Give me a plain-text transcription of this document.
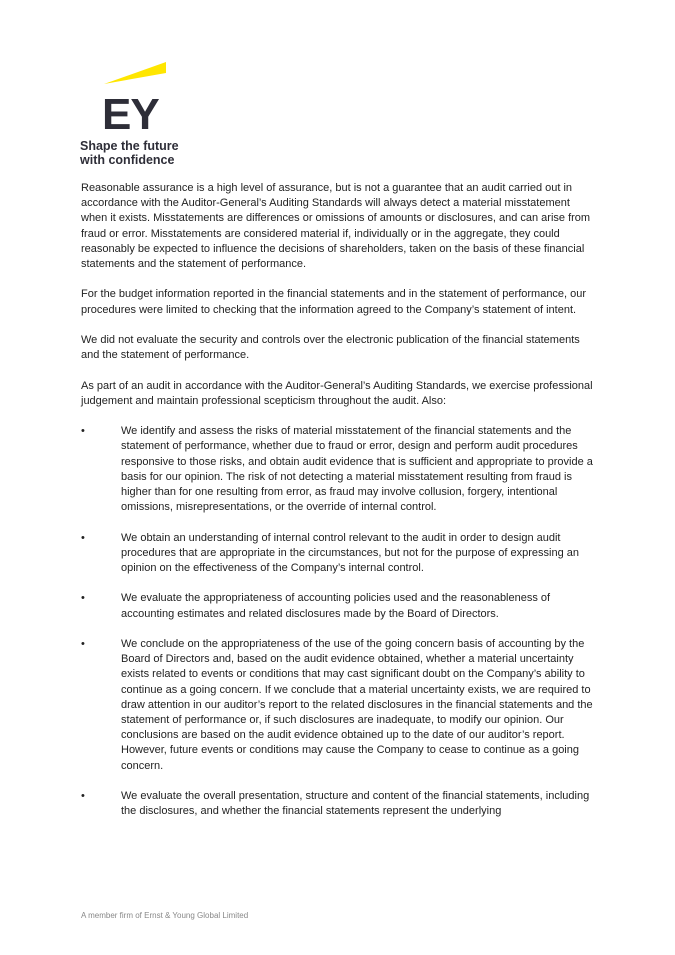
EY
Shape the future
with confidence

Reasonable assurance is a high level of assurance, but is not a guarantee that an audit carried out in accordance with the Auditor-General’s Auditing Standards will always detect a material misstatement when it exists. Misstatements are differences or omissions of amounts or disclosures, and can arise from fraud or error. Misstatements are considered material if, individually or in the aggregate, they could reasonably be expected to influence the decisions of shareholders, taken on the basis of these financial statements and the statement of performance.

For the budget information reported in the financial statements and in the statement of performance, our procedures were limited to checking that the information agreed to the Company’s statement of intent.

We did not evaluate the security and controls over the electronic publication of the financial statements and the statement of performance.

As part of an audit in accordance with the Auditor-General’s Auditing Standards, we exercise professional judgement and maintain professional scepticism throughout the audit. Also:

•	We identify and assess the risks of material misstatement of the financial statements and the statement of performance, whether due to fraud or error, design and perform audit procedures responsive to those risks, and obtain audit evidence that is sufficient and appropriate to provide a basis for our opinion. The risk of not detecting a material misstatement resulting from fraud is higher than for one resulting from error, as fraud may involve collusion, forgery, intentional omissions, misrepresentations, or the override of internal control.
•	We obtain an understanding of internal control relevant to the audit in order to design audit procedures that are appropriate in the circumstances, but not for the purpose of expressing an opinion on the effectiveness of the Company’s internal control.
•	We evaluate the appropriateness of accounting policies used and the reasonableness of accounting estimates and related disclosures made by the Board of Directors.
•	We conclude on the appropriateness of the use of the going concern basis of accounting by the Board of Directors and, based on the audit evidence obtained, whether a material uncertainty exists related to events or conditions that may cast significant doubt on the Company’s ability to continue as a going concern. If we conclude that a material uncertainty exists, we are required to draw attention in our auditor’s report to the related disclosures in the financial statements and the statement of performance or, if such disclosures are inadequate, to modify our opinion. Our conclusions are based on the audit evidence obtained up to the date of our auditor’s report. However, future events or conditions may cause the Company to cease to continue as a going concern.
•	We evaluate the overall presentation, structure and content of the financial statements, including the disclosures, and whether the financial statements represent the underlying
A member firm of Ernst & Young Global Limited
